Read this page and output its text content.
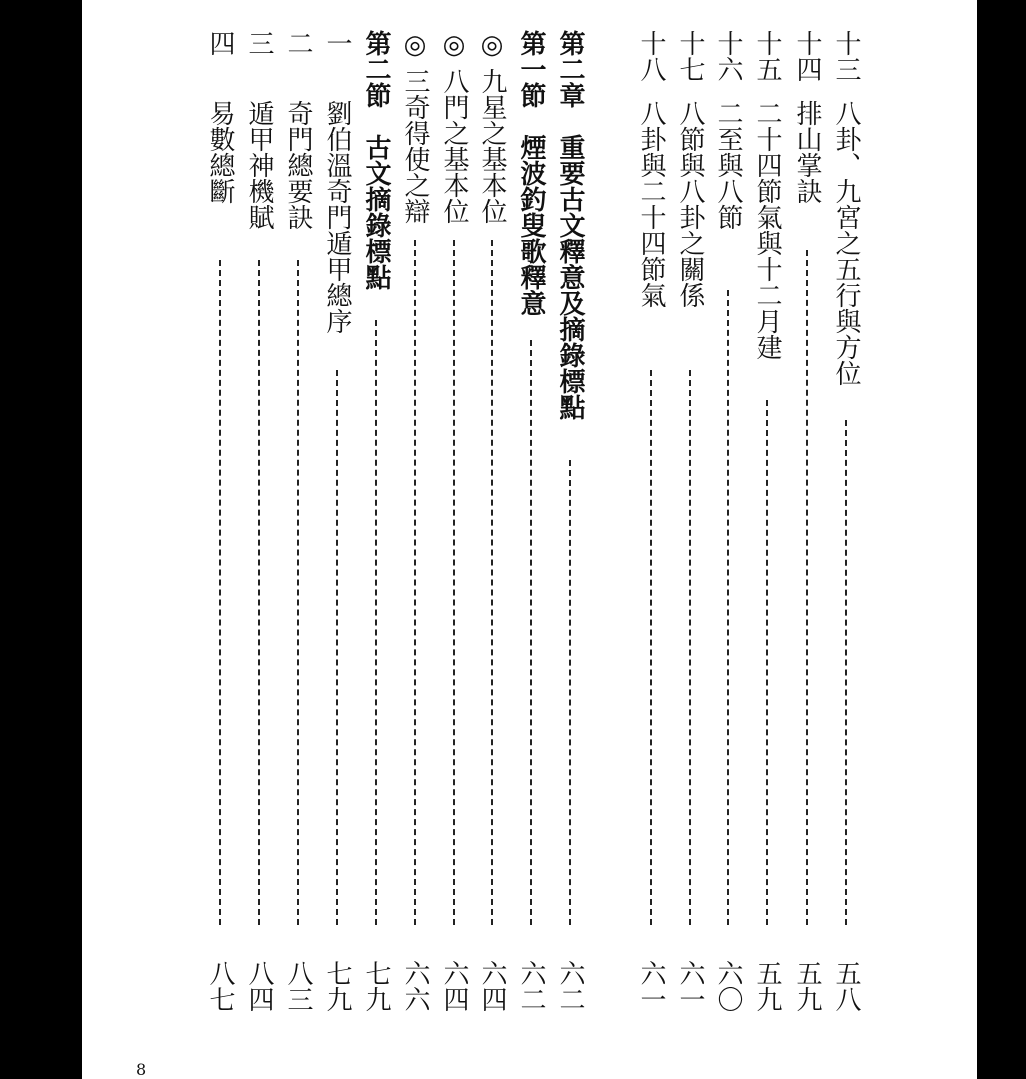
十三
八卦、九宮之五行與方位
五八
十四
排山掌訣
五九
十五
二十四節氣與十二月建
五九
十六
二至與八節
六〇
十七
八節與八卦之關係
六一
十八
八卦與二十四節氣
六一
第二章　重要古文釋意及摘錄標點
六二
第一節　煙波釣叟歌釋意
六二
◎
九星之基本位
六四
◎
八門之基本位
六四
◎
三奇得使之辯
六六
第二節　古文摘錄標點
七九
一
劉伯溫奇門遁甲總序
七九
二
奇門總要訣
八三
三
遁甲神機賦
八四
四
易數總斷
八七
8
